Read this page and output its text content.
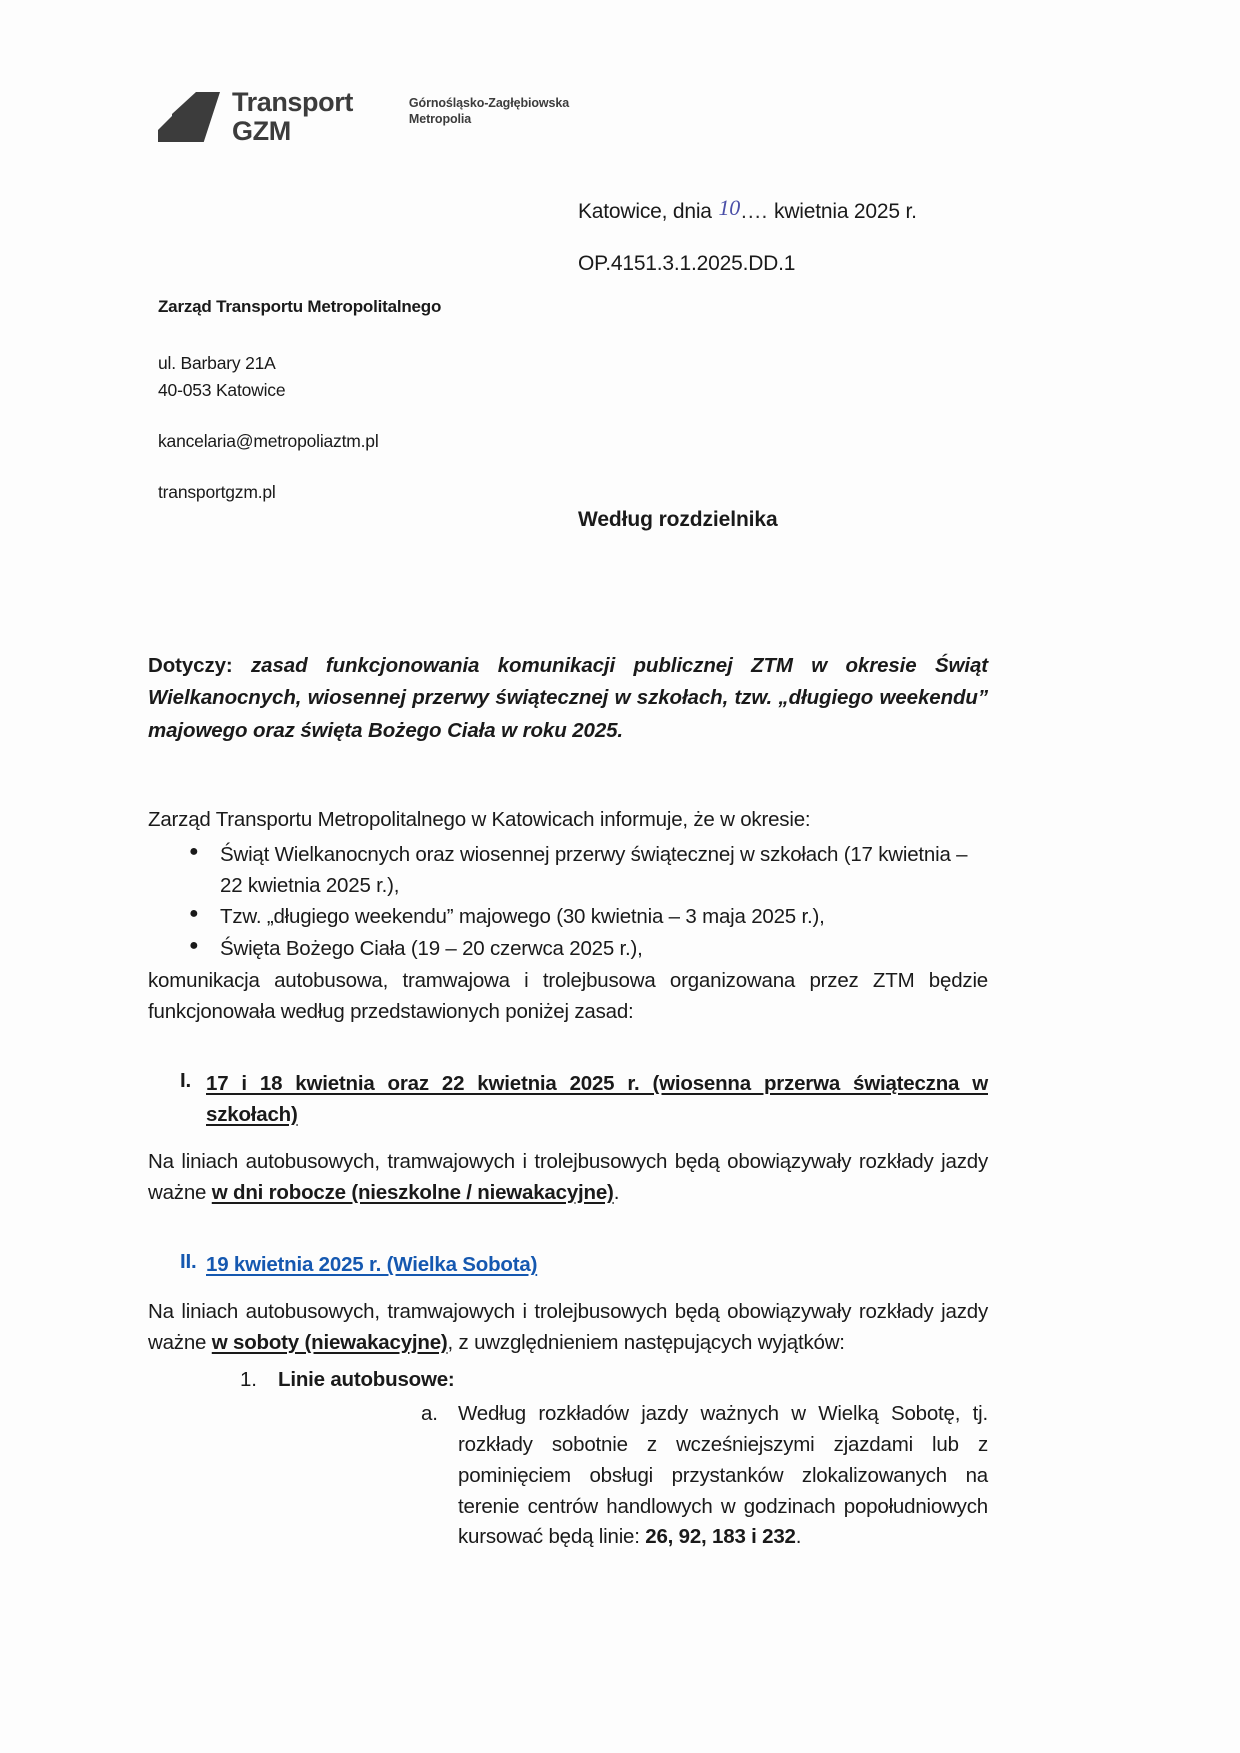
Transport
GZM
Górnośląsko-Zagłębiowska
Metropolia
Katowice, dnia 10.... kwietnia 2025 r.
OP.4151.3.1.2025.DD.1
Zarząd Transportu Metropolitalnego
ul. Barbary 21A
40-053 Katowice
kancelaria@metropoliaztm.pl
transportgzm.pl
Według rozdzielnika
Dotyczy: zasad funkcjonowania komunikacji publicznej ZTM w okresie Świąt Wielkanocnych, wiosennej przerwy świątecznej w szkołach, tzw. „długiego weekendu” majowego oraz święta Bożego Ciała w roku 2025.
Zarząd Transportu Metropolitalnego w Katowicach informuje, że w okresie:
● Świąt Wielkanocnych oraz wiosennej przerwy świątecznej w szkołach (17 kwietnia – 22 kwietnia 2025 r.),
● Tzw. „długiego weekendu” majowego (30 kwietnia – 3 maja 2025 r.),
● Święta Bożego Ciała (19 – 20 czerwca 2025 r.),
komunikacja autobusowa, tramwajowa i trolejbusowa organizowana przez ZTM będzie funkcjonowała według przedstawionych poniżej zasad:
I. 17 i 18 kwietnia oraz 22 kwietnia 2025 r. (wiosenna przerwa świąteczna w szkołach)
Na liniach autobusowych, tramwajowych i trolejbusowych będą obowiązywały rozkłady jazdy ważne w dni robocze (nieszkolne / niewakacyjne).
II. 19 kwietnia 2025 r. (Wielka Sobota)
Na liniach autobusowych, tramwajowych i trolejbusowych będą obowiązywały rozkłady jazdy ważne w soboty (niewakacyjne), z uwzględnieniem następujących wyjątków:
1. Linie autobusowe:
a. Według rozkładów jazdy ważnych w Wielką Sobotę, tj. rozkłady sobotnie z wcześniejszymi zjazdami lub z pominięciem obsługi przystanków zlokalizowanych na terenie centrów handlowych w godzinach popołudniowych kursować będą linie: 26, 92, 183 i 232.
